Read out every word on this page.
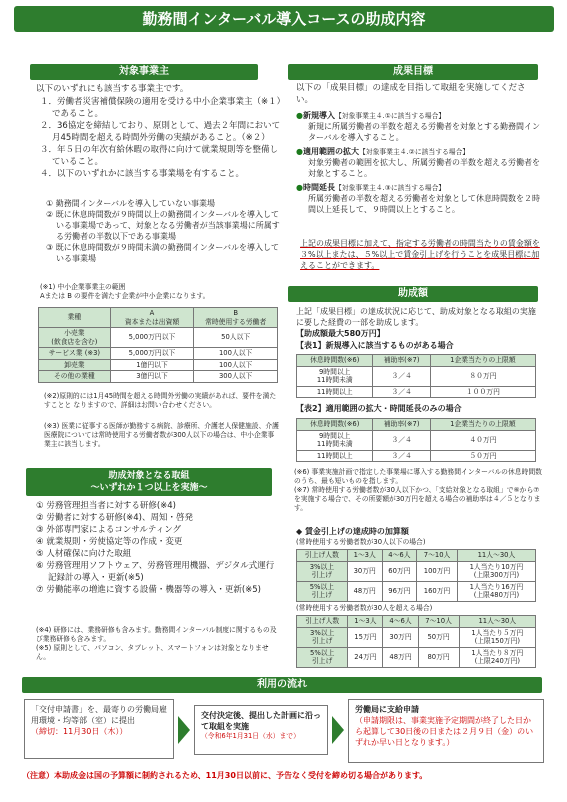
勤務間インターバル導入コースの助成内容
対象事業主
以下のいずれにも該当する事業主です。
１．労働者災害補償保険の適用を受ける中小企業事業主（※１）であること。
２．36協定を締結しており、原則として、過去２年間において月45時間を超える時間外労働の実績があること。（※２）
３．年５日の年次有給休暇の取得に向けて就業規則等を整備していること。
４．以下のいずれかに該当する事業場を有すること。
① 勤務間インターバルを導入していない事業場
② 既に休息時間数が９時間以上の勤務間インターバルを導入している事業場であって、対象となる労働者が当該事業場に所属する労働者の半数以下である事業場
③ 既に休息時間数が９時間未満の勤務間インターバルを導入している事業場
(※1) 中小企業事業主の範囲
Aまたは B の要件を満たす企業が中小企業になります。
業種	A
資本または出資額	B
常時使用する労働者
小売業
(飲食店を含む)	5,000万円以下	50人以下
サービス業 (※3)	5,000万円以下	100人以下
卸売業	1億円以下	100人以下
その他の業種	3億円以下	300人以下
(※2)原則的には1月45時間を超える時間外労働の実績があれば、要件を満たすことと なりますので、詳細はお問い合わせください。
(※3) 医業に従事する医師が勤務する病院、診療所、介護老人保健施設、介護医療院については常時使用する労働者数が300人以下の場合は、中小企業事業主に該当します。
助成対象となる取組
〜いずれか１つ以上を実施〜
① 労務管理担当者に対する研修(※4)
② 労働者に対する研修(※4)、周知・啓発
③ 外部専門家によるコンサルティング
④ 就業規則・労使協定等の作成・変更
⑤ 人材確保に向けた取組
⑥ 労務管理用ソフトウェア、労務管理用機器、デジタル式運行記録計の導入・更新(※5)
⑦ 労働能率の増進に資する設備・機器等の導入・更新(※5)
(※4) 研修には、業務研修も含みます。勤務間インターバル制度に関するもの及び業務研修も含みます。
(※5) 原則として、パソコン、タブレット、スマートフォンは対象となりません。
成果目標
以下の「成果目標」の達成を目指して取組を実施してください。
●新規導入【対象事業主４.①に該当する場合】
新規に所属労働者の半数を超える労働者を対象とする勤務間インターバルを導入すること。
●適用範囲の拡大【対象事業主４.②に該当する場合】
対象労働者の範囲を拡大し、所属労働者の半数を超える労働者を対象とすること。
●時間延長【対象事業主４.③に該当する場合】
所属労働者の半数を超える労働者を対象として休息時間数を２時間以上延長して、９時間以上とすること。
上記の成果目標に加えて、指定する労働者の時間当たりの賃金額を３%以上または、５%以上で賃金引上げを行うことを成果目標に加えることができます。
助成額
上記「成果目標」の達成状況に応じて、助成対象となる取組の実施に要した経費の一部を助成します。
【助成額最大580万円】
【表1】新規導入に該当するものがある場合
休息時間数(※6)	補助率(※7)	1企業当たりの上限額
9時間以上
11時間未満	３／４	８０万円
11時間以上	３／４	１００万円
【表2】適用範囲の拡大・時間延長のみの場合
休息時間数(※6)	補助率(※7)	1企業当たりの上限額
9時間以上
11時間未満	３／４	４０万円
11時間以上	３／４	５０万円
(※6) 事業実施計画で指定した事業場に導入する勤務間インターバルの休息時間数のうち、最も短いものを指します。
(※7) 常時使用する労働者数が30人以下かつ、「支給対象となる取組」で⑥から⑦を実施する場合で、その所要額が30万円を超える場合の補助率は４／５となります。
◆ 賃金引上げの達成時の加算額
(常時使用する労働者数が30人以下の場合)
引上げ人数	1〜3人	4〜6人	7〜10人	11人〜30人
3%以上
引上げ	30万円	60万円	100万円	1人当たり10万円
(上限300万円)
5%以上
引上げ	48万円	96万円	160万円	1人当たり16万円
(上限480万円)
(常時使用する労働者数が30人を超える場合)
引上げ人数	1〜3人	4〜6人	7〜10人	11人〜30人
3%以上
引上げ	15万円	30万円	50万円	1人当たり５万円
(上限150万円)
5%以上
引上げ	24万円	48万円	80万円	1人当たり８万円
(上限240万円)
利用の流れ
「交付申請書」を、最寄りの労働局雇用環境・均等部（室）に提出
（締切：11月30日（木））
交付決定後、提出した計画に沿って取組を実施
（令和6年1月31日（水）まで）
労働局に支給申請
（申請期限は、事業実施予定期間が終了した日から起算して30日後の日または２月９日（金）のいずれか早い日となります。）
（注意）本助成金は国の予算額に制約されるため、11月30日以前に、予告なく受付を締め切る場合があります。
